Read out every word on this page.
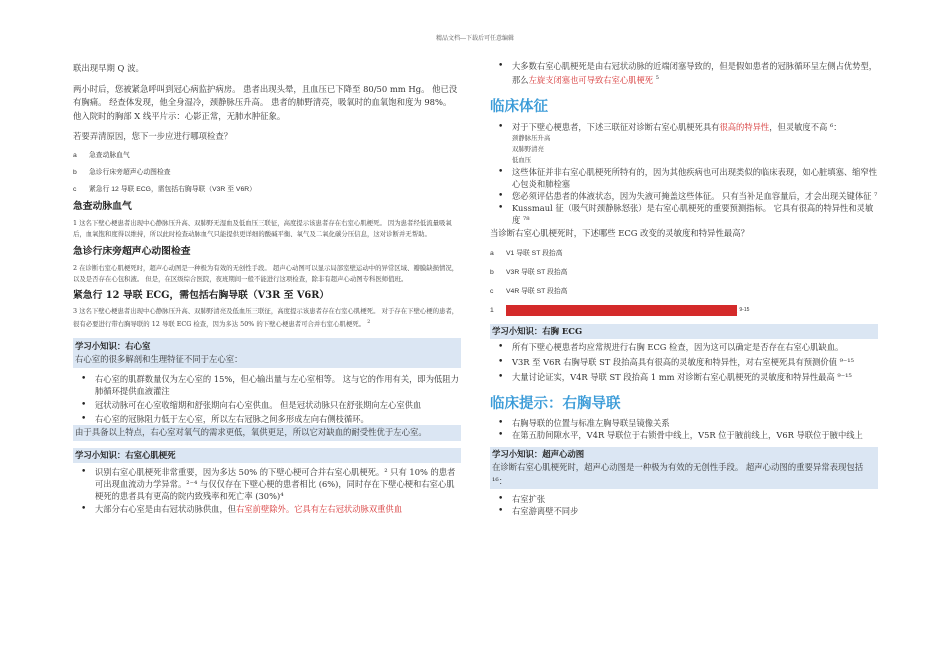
精品文档---下载后可任意编辑

联出现早期 Q 波。

两小时后，您被紧急呼叫到冠心病监护病房。 患者出现头晕，且血压已下降至 80/50 mm Hg。 他已没有胸痛。 经查体发现，他全身湿冷，颈静脉压升高。 患者的肺野清亮，吸氧时的血氧饱和度为 98%。 他入院时的胸部 X 线平片示：心影正常，无肺水肿征象。

若要弄清原因，您下一步应进行哪项检查？

a	急查动脉血气
b	急诊行床旁超声心动图检查
c	紧急行 12 导联 ECG，需包括右胸导联（V3R 至 V6R）

急查动脉血气

1 这名下壁心梗患者出现中心静脉压升高、双肺野无湿血及低血压三联征，高度提示该患者存在右室心肌梗死。 因为患者经低流量吸氧后，血氧饱和度得以维持，所以此时检查动脉血气只能提供更详细的酸碱平衡、氧气及二氧化碳分压信息，这对诊断并无帮助。

急诊行床旁超声心动图检查

2 在诊断右室心肌梗死时，超声心动图是一种极为有效的无创性手段。 超声心动图可以显示局部室壁运动中的异常区域、瓣膜缺损情况，以及是否存在心包积液。 但是，在区级综合医院，夜班期间一般不能进行这项检查，除非有超声心动图专科医师值班。

紧急行 12 导联 ECG，需包括右胸导联（V3R 至 V6R）

3 这名下壁心梗患者出现中心静脉压升高、双肺野清亮及低血压三联征，高度提示该患者存在右室心肌梗死。 对于存在下壁心梗的患者，很有必要进行带右胸导联的 12 导联 ECG 检查，因为多达 50% 的下壁心梗患者可合并右室心肌梗死。 $^2$

学习小知识：右心室

右心室的很多解剖和生理特征不同于左心室：

• 右心室的肌群数量仅为左心室的 15%，但心输出量与左心室相等。 这与它的作用有关，即为低阻力肺循环提供血液灌注
• 冠状动脉可在心室收缩期和舒张期向右心室供血。 但是冠状动脉只在舒张期向左心室供血
• 右心室的冠脉阻力低于左心室，所以左右冠脉之间多形成左向右侧枝循环。

由于具备以上特点，右心室对氧气的需求更低，氧供更足，所以它对缺血的耐受性优于左心室。

学习小知识：右室心肌梗死

• 识别右室心肌梗死非常重要，因为多达 50% 的下壁心梗可合并右室心肌梗死。² 只有 10% 的患者可出现血流动力学异常。²⁻⁴ 与仅仅存在下壁心梗的患者相比 (6%)，同时存在下壁心梗和右室心肌梗死的患者具有更高的院内致残率和死亡率 (30%)⁴
• 大部分右心室是由右冠状动脉供血，但右室前壁除外。它具有左右冠状动脉双重供血
• 大多数右室心肌梗死是由右冠状动脉的近端闭塞导致的，但是假如患者的冠脉循环呈左侧占优势型，那么左旋支闭塞也可导致右室心肌梗死 $^5$

临床体征

• 对于下壁心梗患者，下述三联征对诊断右室心肌梗死具有很高的特异性，但灵敏度不高 ⁶：

颈静脉压升高

双肺野清亮

低血压

• 这些体征并非右室心肌梗死所特有的，因为其他疾病也可出现类似的临床表现，如心脏填塞、缩窄性心包炎和肺栓塞
• 您必须评估患者的体液状态，因为失液可掩盖这些体征。 只有当补足血容量后，才会出现关键体征 ⁷
• Kussmaul 征（吸气时颈静脉怒张）是右室心肌梗死的重要预测指标。 它具有很高的特异性和灵敏度 ⁷⁸

当诊断右室心肌梗死时，下述哪些 ECG 改变的灵敏度和特异性最高？

a	V1 导联 ST 段抬高
b	V3R 导联 ST 段抬高
c	V4R 导联 ST 段抬高
1	两个右胸导联中（V3R 至 V6R）ST 段抬高 1 mm 具有较高的灵敏度和特异性 9-15

学习小知识：右胸 ECG

• 所有下壁心梗患者均应常规进行右胸 ECG 检查，因为这可以确定是否存在右室心肌缺血。
• V3R 至 V6R 右胸导联 ST 段抬高具有很高的灵敏度和特异性，对右室梗死具有预测价值 ⁹⁻¹⁵
• 大量讨论证实，V4R 导联 ST 段抬高 1 mm 对诊断右室心肌梗死的灵敏度和特异性最高 ⁹⁻¹⁵

临床提示：右胸导联

• 右胸导联的位置与标准左胸导联呈镜像关系
• 在第五肋间隙水平，V4R 导联位于右锁骨中线上，V5R 位于腋前线上，V6R 导联位于腋中线上

学习小知识：超声心动图

在诊断右室心肌梗死时，超声心动图是一种极为有效的无创性手段。 超声心动图的重要异常表现包括 ¹⁶：

• 右室扩张
• 右室游离壁不同步
